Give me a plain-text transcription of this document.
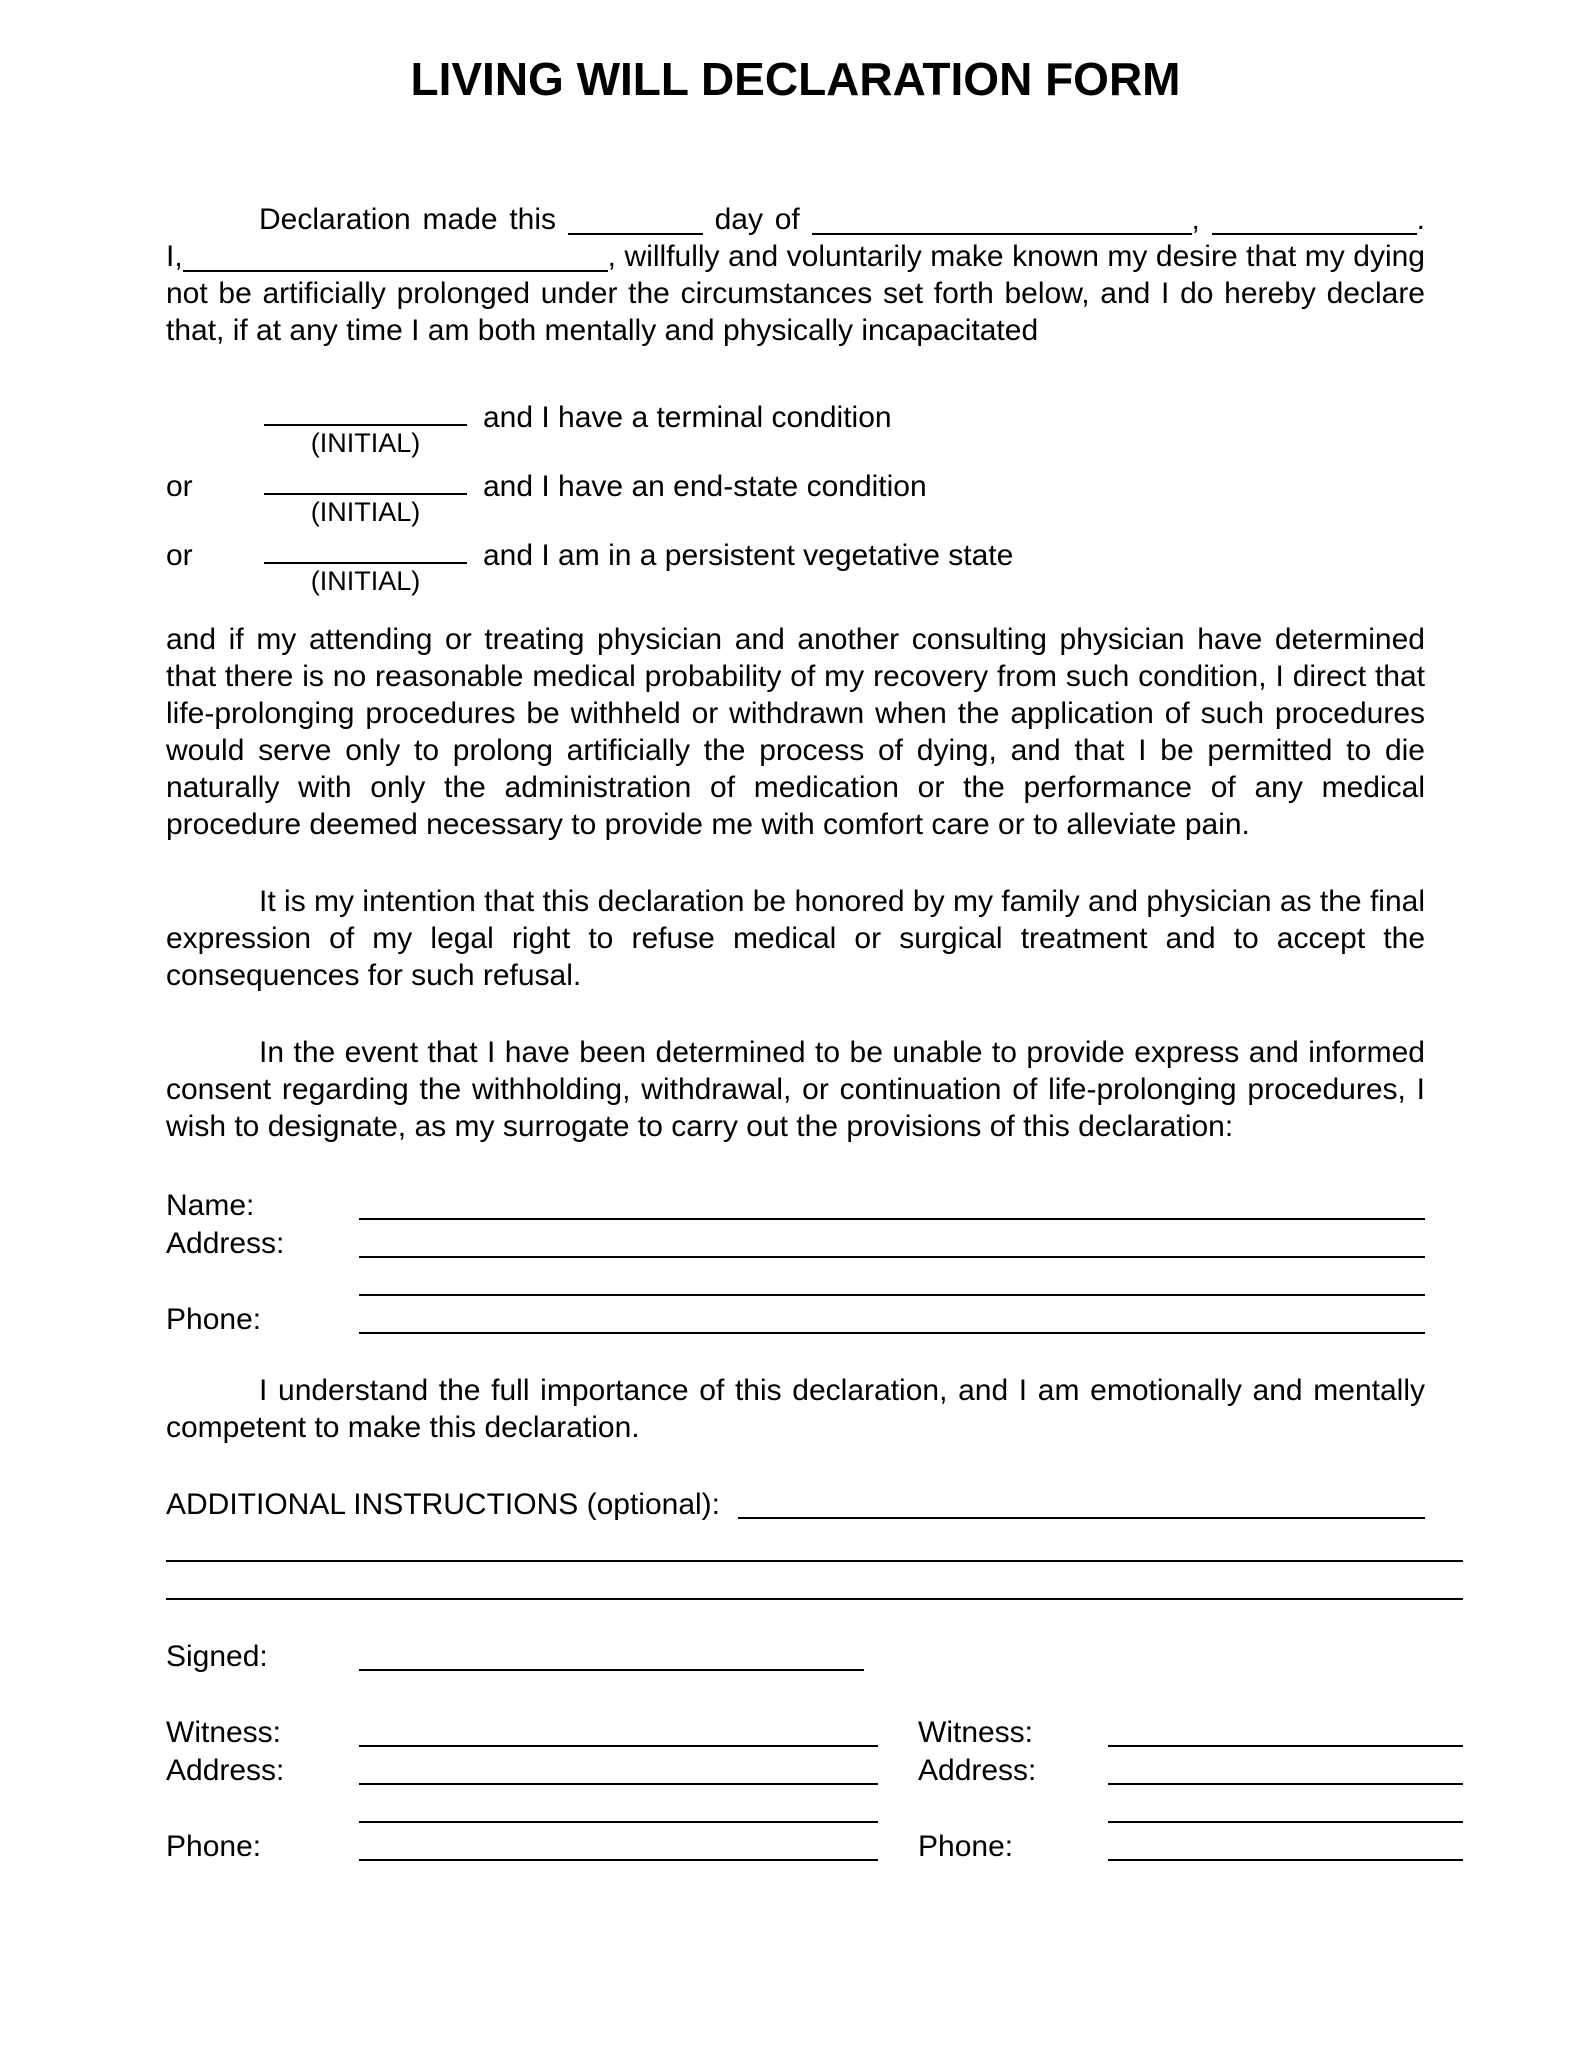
LIVING WILL DECLARATION FORM

Declaration made this	day of	,	. I,	, willfully and voluntarily make known my desire that my dying not be artificially prolonged under the circumstances set forth below, and I do hereby declare that, if at any time I am both mentally and physically incapacitated

(INITIAL)
and I have a terminal condition
or
(INITIAL)
and I have an end-state condition
or
(INITIAL)
and I am in a persistent vegetative state

and if my attending or treating physician and another consulting physician have determined that there is no reasonable medical probability of my recovery from such condition, I direct that life-prolonging procedures be withheld or withdrawn when the application of such procedures would serve only to prolong artificially the process of dying, and that I be permitted to die naturally with only the administration of medication or the performance of any medical procedure deemed necessary to provide me with comfort care or to alleviate pain.

It is my intention that this declaration be honored by my family and physician as the final expression of my legal right to refuse medical or surgical treatment and to accept the consequences for such refusal.

In the event that I have been determined to be unable to provide express and informed consent regarding the withholding, withdrawal, or continuation of life-prolonging procedures, I wish to designate, as my surrogate to carry out the provisions of this declaration:

Name:
Address:
Phone:

I understand the full importance of this declaration, and I am emotionally and mentally competent to make this declaration.

ADDITIONAL INSTRUCTIONS (optional):
Signed:
Witness:
Address:
Phone:
Witness:
Address:
Phone:
